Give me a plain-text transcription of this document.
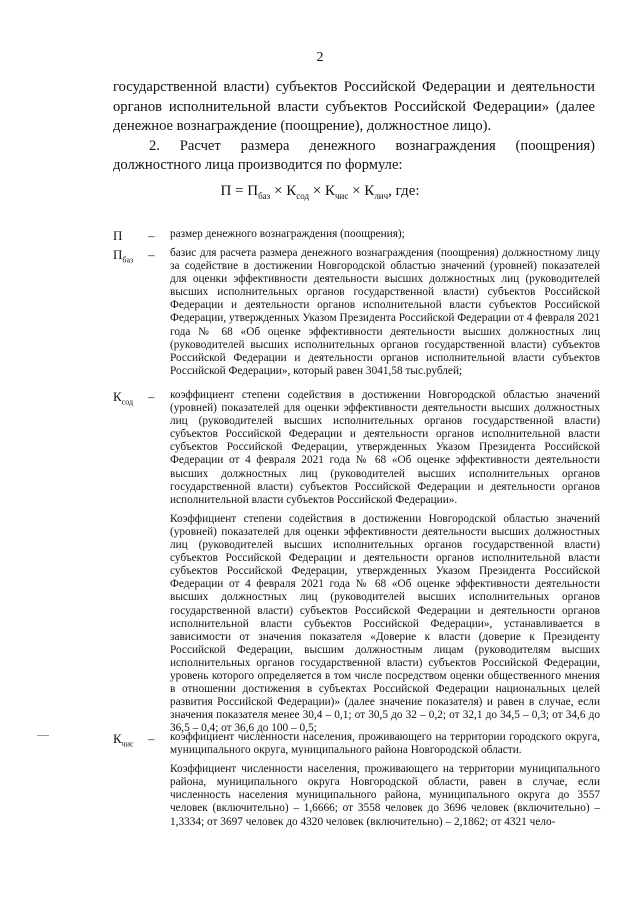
2

государственной власти) субъектов Российской Федерации и деятельности органов исполнительной власти субъектов Российской Федерации» (далее денежное вознаграждение (поощрение), должностное лицо).

2. Расчет размера денежного вознаграждения (поощрения) должностного лица производится по формуле:

$П = П_{баз} \times К_{сод} \times К_{чис} \times К_{лич}$, где:
П – размер денежного вознаграждения (поощрения);

$П_{баз}$ – базис для расчета размера денежного вознаграждения (поощрения) должностному лицу за содействие в достижении Новгородской областью значений (уровней) показателей для оценки эффективности деятельности высших должностных лиц (руководителей высших исполнительных органов государственной власти) субъектов Российской Федерации и деятельности органов исполнительной власти субъектов Российской Федерации, утвержденных Указом Президента Российской Федерации от 4 февраля 2021 года № 68 «Об оценке эффективности деятельности высших должностных лиц (руководителей высших исполнительных органов государственной власти) субъектов Российской Федерации и деятельности органов исполнительной власти субъектов Российской Федерации», который равен 3041,58 тыс.рублей;

$К_{сод}$ – коэффициент степени содействия в достижении Новгородской областью значений (уровней) показателей для оценки эффективности деятельности высших должностных лиц (руководителей высших исполнительных органов государственной власти) субъектов Российской Федерации и деятельности органов исполнительной власти субъектов Российской Федерации, утвержденных Указом Президента Российской Федерации от 4 февраля 2021 года № 68 «Об оценке эффективности деятельности высших должностных лиц (руководителей высших исполнительных органов государственной власти) субъектов Российской Федерации и деятельности органов исполнительной власти субъектов Российской Федерации».

Коэффициент степени содействия в достижении Новгородской областью значений (уровней) показателей для оценки эффективности деятельности высших должностных лиц (руководителей высших исполнительных органов государственной власти) субъектов Российской Федерации и деятельности органов исполнительной власти субъектов Российской Федерации, утвержденных Указом Президента Российской Федерации от 4 февраля 2021 года № 68 «Об оценке эффективности деятельности высших должностных лиц (руководителей высших исполнительных органов государственной власти) субъектов Российской Федерации и деятельности органов исполнительной власти субъектов Российской Федерации», устанавливается в зависимости от значения показателя «Доверие к власти (доверие к Президенту Российской Федерации, высшим должностным лицам (руководителям высших исполнительных органов государственной власти) субъектов Российской Федерации, уровень которого определяется в том числе посредством оценки общественного мнения в отношении достижения в субъектах Российской Федерации национальных целей развития Российской Федерации)» (далее значение показателя) и равен в случае, если значения показателя менее 30,4 – 0,1; от 30,5 до 32 – 0,2; от 32,1 до 34,5 – 0,3; от 34,6 до 36,5 – 0,4; от 36,6 до 100 – 0,5;

$К_{чис}$ – коэффициент численности населения, проживающего на территории городского округа, муниципального округа, муниципального района Новгородской области.

Коэффициент численности населения, проживающего на территории муниципального района, муниципального округа Новгородской области, равен в случае, если численность населения муниципального района, муниципального округа до 3557 человек (включительно) – 1,6666; от 3558 человек до 3696 человек (включительно) – 1,3334; от 3697 человек до 4320 человек (включительно) – 2,1862; от 4321 чело-
